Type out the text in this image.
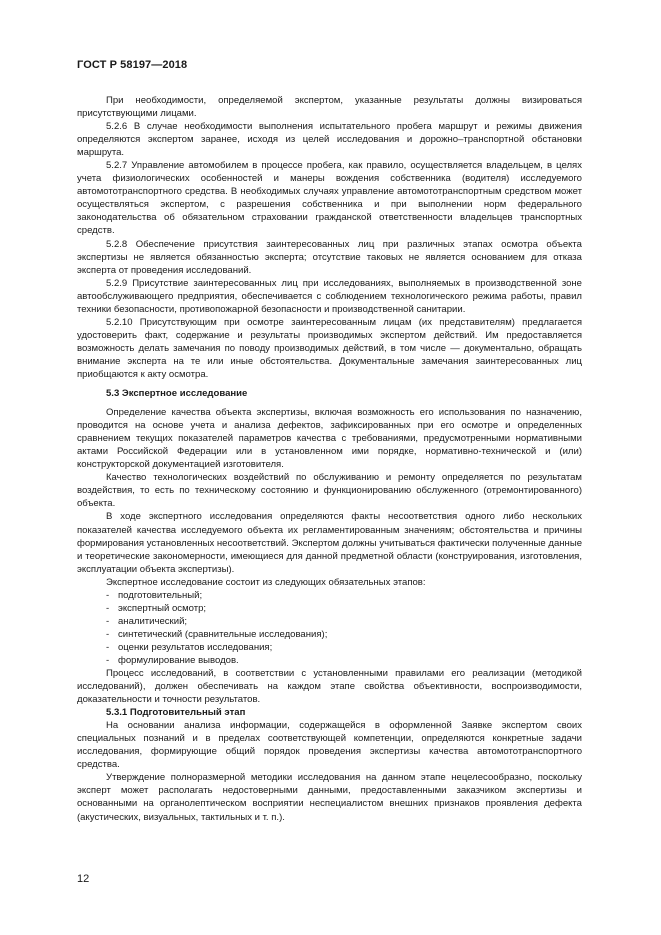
ГОСТ Р 58197—2018

При необходимости, определяемой экспертом, указанные результаты должны визироваться присутствующими лицами.

5.2.6 В случае необходимости выполнения испытательного пробега маршрут и режимы движения определяются экспертом заранее, исходя из целей исследования и дорожно–транспортной обстановки маршрута.

5.2.7 Управление автомобилем в процессе пробега, как правило, осуществляется владельцем, в целях учета физиологических особенностей и манеры вождения собственника (водителя) исследуемого автомототранспортного средства. В необходимых случаях управление автомототранспортным средством может осуществляться экспертом, с разрешения собственника и при выполнении норм федерального законодательства об обязательном страховании гражданской ответственности владельцев транспортных средств.

5.2.8 Обеспечение присутствия заинтересованных лиц при различных этапах осмотра объекта экспертизы не является обязанностью эксперта; отсутствие таковых не является основанием для отказа эксперта от проведения исследований.

5.2.9 Присутствие заинтересованных лиц при исследованиях, выполняемых в производственной зоне автообслуживающего предприятия, обеспечивается с соблюдением технологического режима работы, правил техники безопасности, противопожарной безопасности и производственной санитарии.

5.2.10 Присутствующим при осмотре заинтересованным лицам (их представителям) предлагается удостоверить факт, содержание и результаты производимых экспертом действий. Им предоставляется возможность делать замечания по поводу производимых действий, в том числе — документально, обращать внимание эксперта на те или иные обстоятельства. Документальные замечания заинтересованных лиц приобщаются к акту осмотра.

5.3 Экспертное исследование

Определение качества объекта экспертизы, включая возможность его использования по назначению, проводится на основе учета и анализа дефектов, зафиксированных при его осмотре и определенных сравнением текущих показателей параметров качества с требованиями, предусмотренными нормативными актами Российской Федерации или в установленном ими порядке, нормативно-технической и (или) конструкторской документацией изготовителя.

Качество технологических воздействий по обслуживанию и ремонту определяется по результатам воздействия, то есть по техническому состоянию и функционированию обслуженного (отремонтированного) объекта.

В ходе экспертного исследования определяются факты несоответствия одного либо нескольких показателей качества исследуемого объекта их регламентированным значениям; обстоятельства и причины формирования установленных несоответствий. Экспертом должны учитываться фактически полученные данные и теоретические закономерности, имеющиеся для данной предметной области (конструирования, изготовления, эксплуатации объекта экспертизы).

Экспертное исследование состоит из следующих обязательных этапов:

- подготовительный;
- экспертный осмотр;
- аналитический;
- синтетический (сравнительные исследования);
- оценки результатов исследования;
- формулирование выводов.

Процесс исследований, в соответствии с установленными правилами его реализации (методикой исследований), должен обеспечивать на каждом этапе свойства объективности, воспроизводимости, доказательности и точности результатов.

5.3.1 Подготовительный этап

На основании анализа информации, содержащейся в оформленной Заявке экспертом своих специальных познаний и в пределах соответствующей компетенции, определяются конкретные задачи исследования, формирующие общий порядок проведения экспертизы качества автомототранспортного средства.

Утверждение полноразмерной методики исследования на данном этапе нецелесообразно, поскольку эксперт может располагать недостоверными данными, предоставленными заказчиком экспертизы и основанными на органолептическом восприятии неспециалистом внешних признаков проявления дефекта (акустических, визуальных, тактильных и т. п.).

12
